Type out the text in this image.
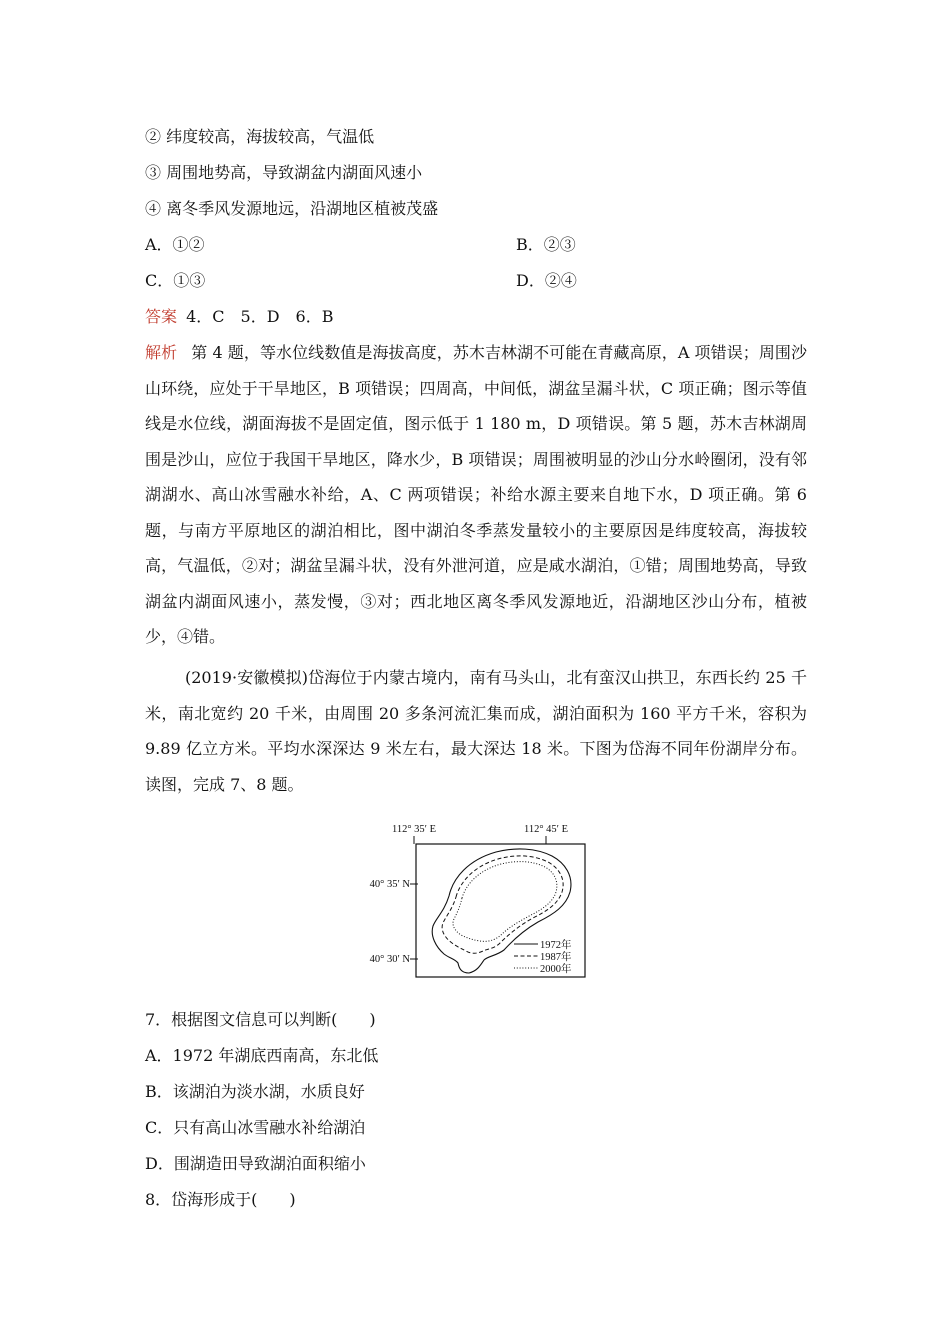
② 纬度较高，海拔较高，气温低
③ 周围地势高，导致湖盆内湖面风速小
④ 离冬季风发源地远，沿湖地区植被茂盛
A．①②	B．②③
C．①③	D．②④
答案 4．C　5．D　6．B
解析 第 4 题，等水位线数值是海拔高度，苏木吉林湖不可能在青藏高原，A 项错误；周围沙山环绕，应处于干旱地区，B 项错误；四周高，中间低，湖盆呈漏斗状，C 项正确；图示等值线是水位线，湖面海拔不是固定值，图示低于 1 180 m，D 项错误。第 5 题，苏木吉林湖周围是沙山，应位于我国干旱地区，降水少，B 项错误；周围被明显的沙山分水岭圈闭，没有邻湖湖水、高山冰雪融水补给，A、C 两项错误；补给水源主要来自地下水，D 项正确。第 6 题，与南方平原地区的湖泊相比，图中湖泊冬季蒸发量较小的主要原因是纬度较高，海拔较高，气温低，②对；湖盆呈漏斗状，没有外泄河道，应是咸水湖泊，①错；周围地势高，导致湖盆内湖面风速小，蒸发慢，③对；西北地区离冬季风发源地近，沿湖地区沙山分布，植被少，④错。
(2019·安徽模拟)岱海位于内蒙古境内，南有马头山，北有蛮汉山拱卫，东西长约 25 千米，南北宽约 20 千米，由周围 20 多条河流汇集而成，湖泊面积为 160 平方千米，容积为 9.89 亿立方米。平均水深深达 9 米左右，最大深达 18 米。下图为岱海不同年份湖岸分布。读图，完成 7、8 题。
112° 35′ E	112° 45′ E
40° 35′ N
40° 30′ N
1972年
1987年
2000年
7．根据图文信息可以判断(　　)
A．1972 年湖底西南高，东北低
B．该湖泊为淡水湖，水质良好
C．只有高山冰雪融水补给湖泊
D．围湖造田导致湖泊面积缩小
8．岱海形成于(　　)
